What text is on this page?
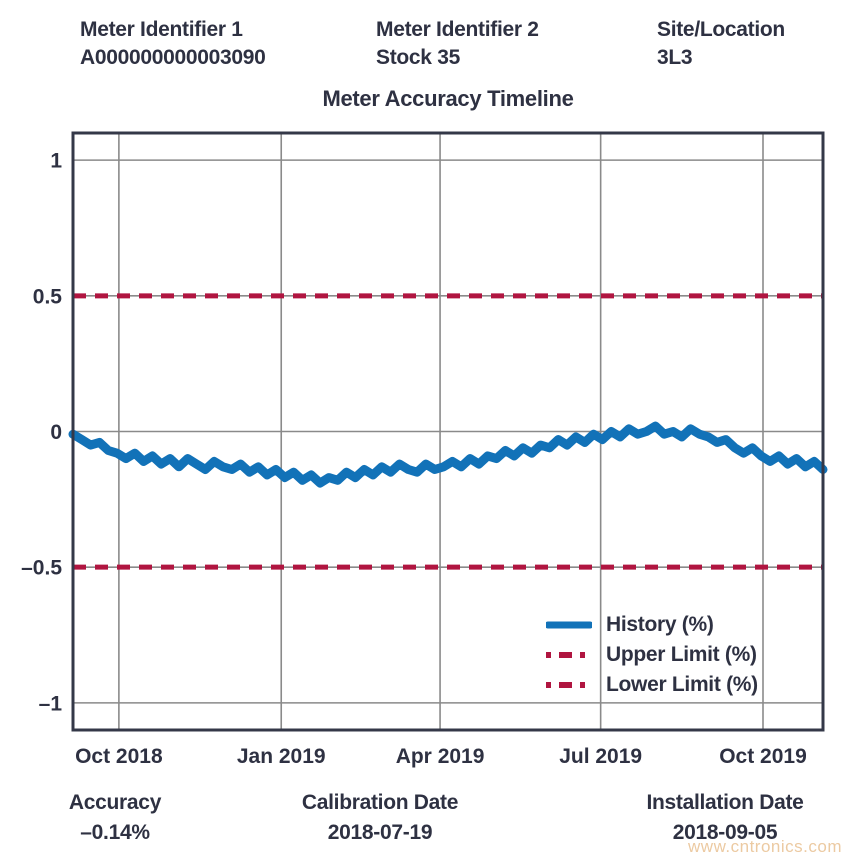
Meter Identifier 1
A000000000003090
Meter Identifier 2
Stock 35
Site/Location
3L3
Meter Accuracy Timeline
1
0.5
0
–0.5
–1
Oct 2018	Jan 2019	Apr 2019	Jul 2019	Oct 2019
History (%)
Upper Limit (%)
Lower Limit (%)
Accuracy
–0.14%
Calibration Date
2018-07-19
Installation Date
2018-09-05
www.cntronics.com
